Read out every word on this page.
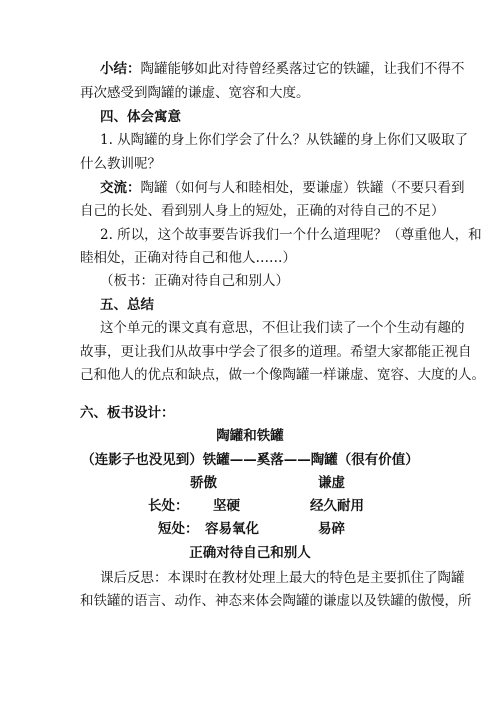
小结：陶罐能够如此对待曾经奚落过它的铁罐，让我们不得不
再次感受到陶罐的谦虚、宽容和大度。
四、体会寓意
1. 从陶罐的身上你们学会了什么？从铁罐的身上你们又吸取了
什么教训呢？
交流：陶罐（如何与人和睦相处，要谦虚）铁罐（不要只看到
自己的长处、看到别人身上的短处，正确的对待自己的不足）
2. 所以，这个故事要告诉我们一个什么道理呢？（尊重他人，和
睦相处，正确对待自己和他人……）
（板书：正确对待自己和别人）
五、总结
这个单元的课文真有意思，不但让我们读了一个个生动有趣的
故事，更让我们从故事中学会了很多的道理。希望大家都能正视自
己和他人的优点和缺点，做一个像陶罐一样谦虚、宽容、大度的人。
六、板书设计：
陶罐和铁罐
（连影子也没见到）铁罐——奚落——陶罐（很有价值）
骄傲	谦虚
长处： 坚硬	经久耐用
短处： 容易氧化	易碎
正确对待自己和别人
课后反思：本课时在教材处理上最大的特色是主要抓住了陶罐
和铁罐的语言、动作、神态来体会陶罐的谦虚以及铁罐的傲慢，所
